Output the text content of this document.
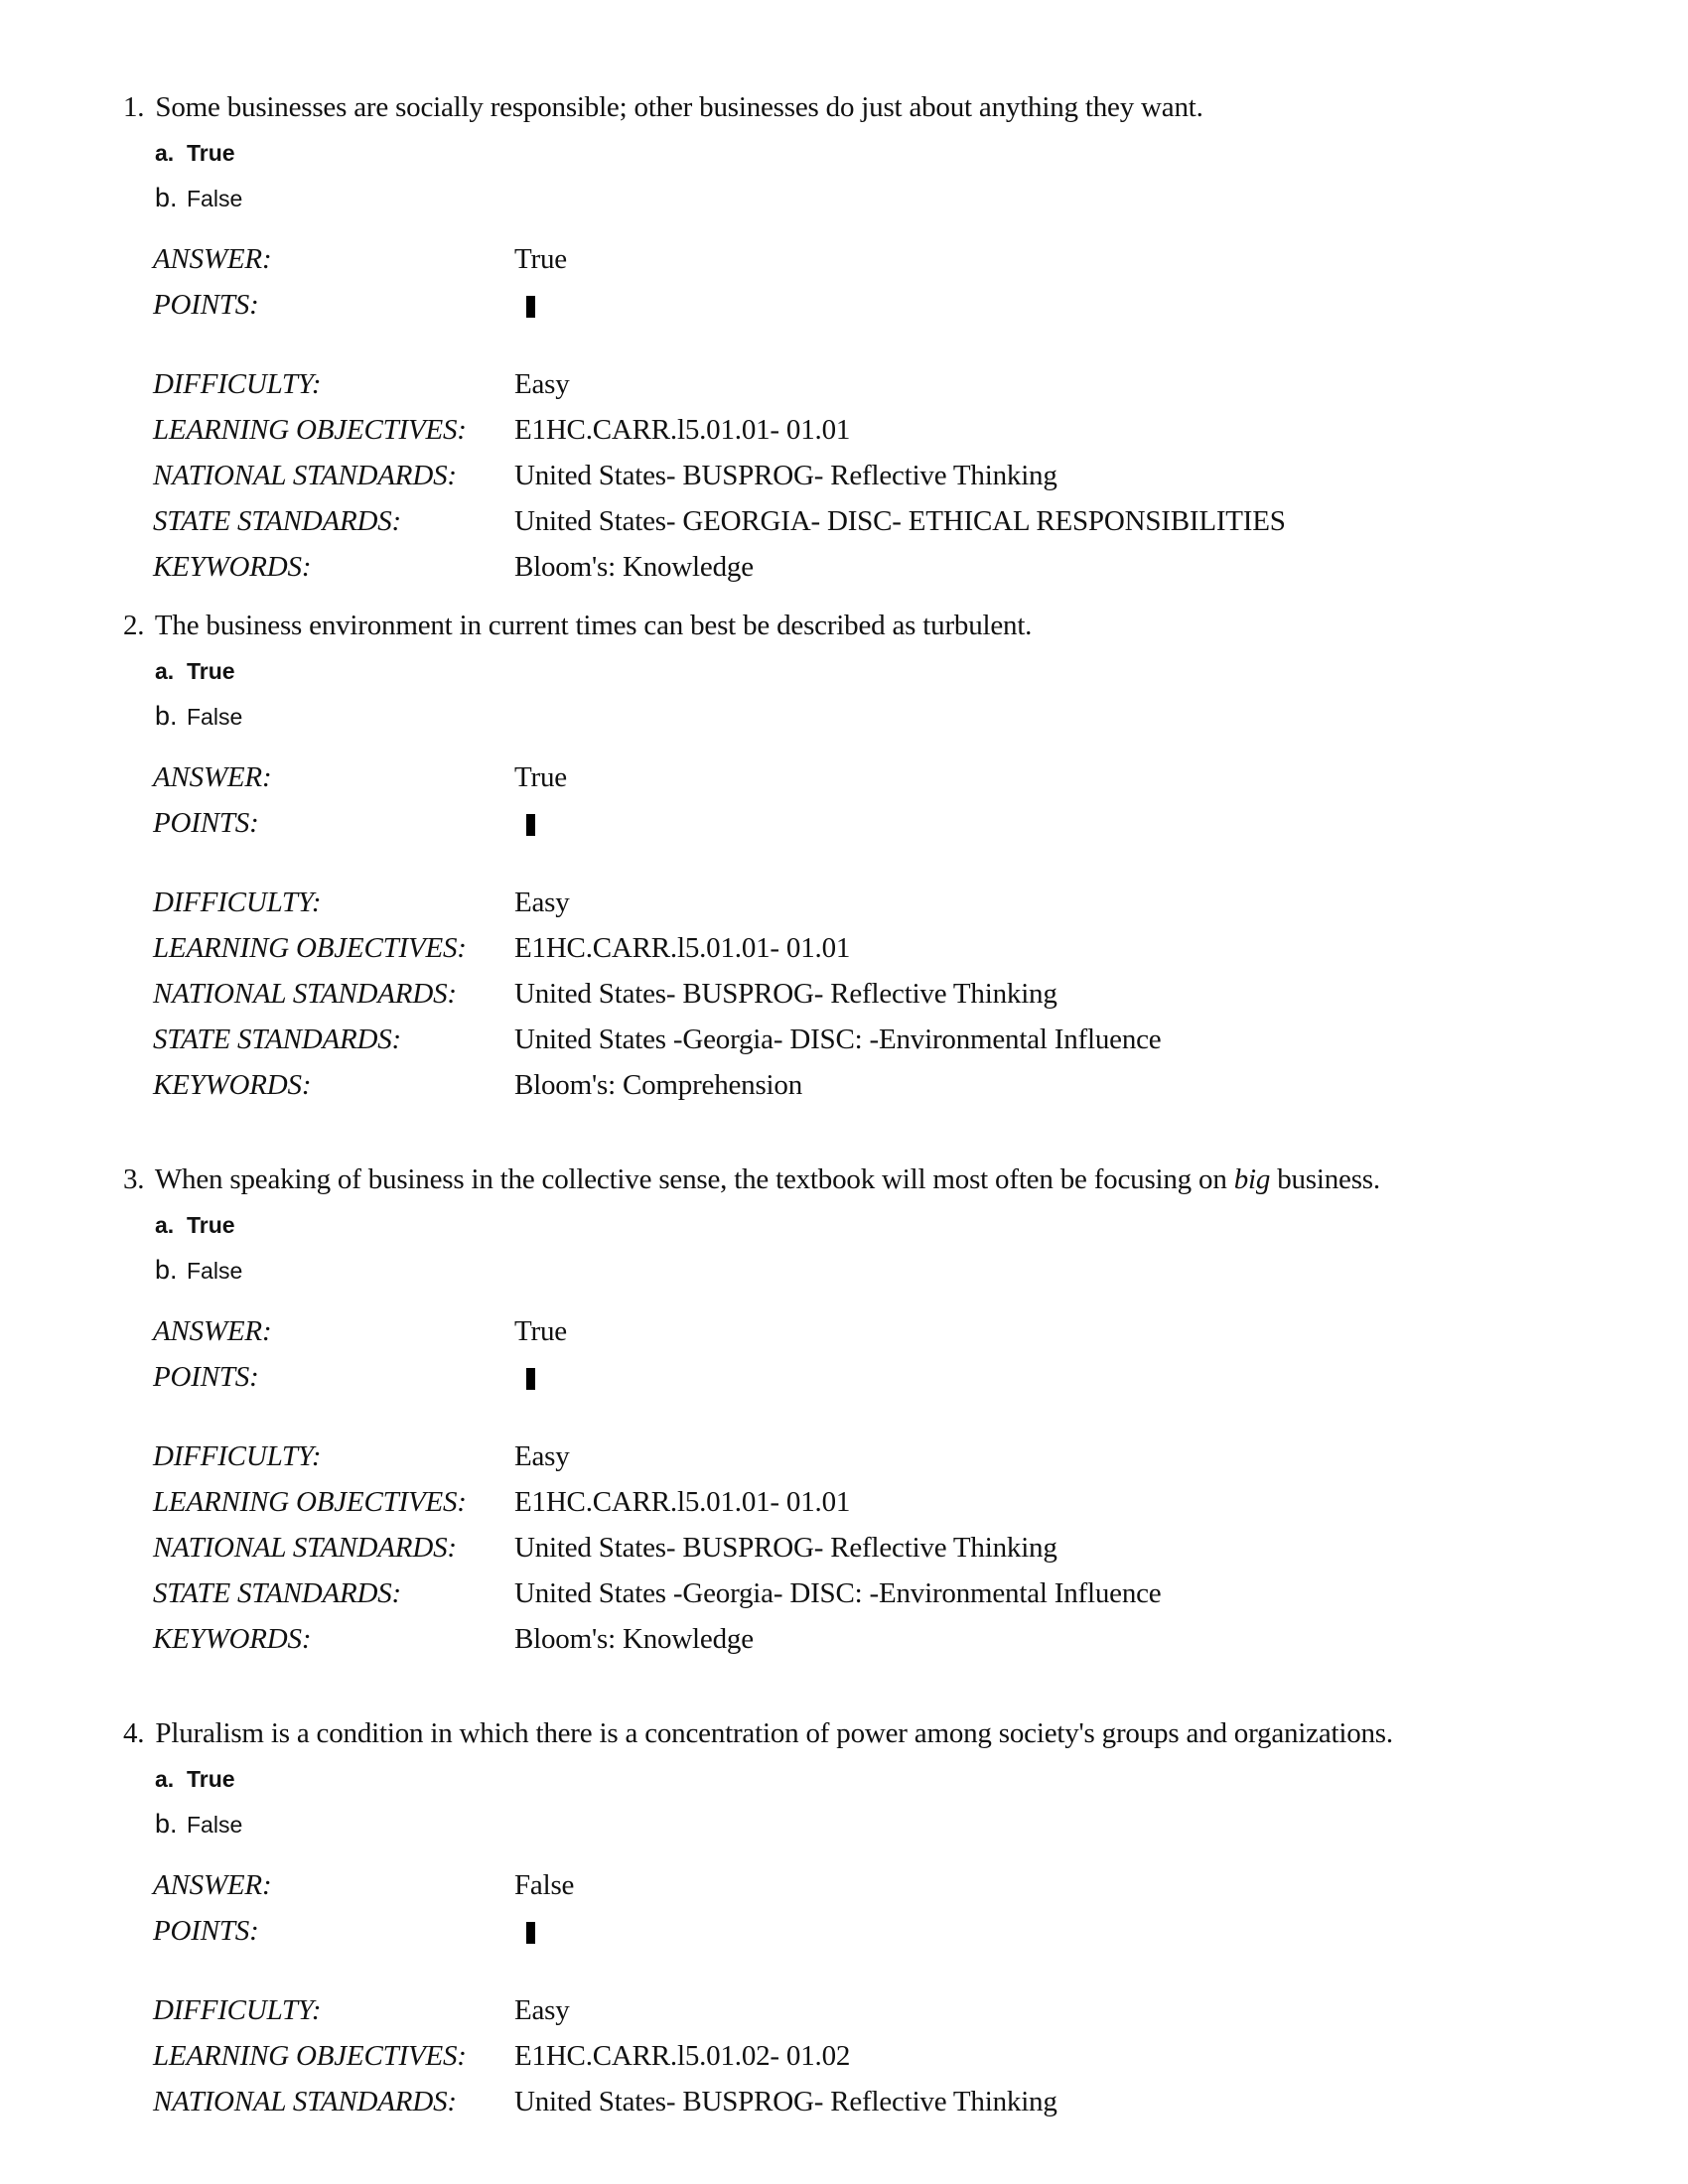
1. Some businesses are socially responsible; other businesses do just about anything they want.
a. True
b. False
ANSWER:	True
POINTS:
DIFFICULTY:	Easy
LEARNING OBJECTIVES: E1HC.CARR.l5.01.01- 01.01
NATIONAL STANDARDS: United States- BUSPROG- Reflective Thinking
STATE STANDARDS:	United States- GEORGIA- DISC- ETHICAL RESPONSIBILITIES
KEYWORDS:	Bloom's: Knowledge
2. The business environment in current times can best be described as turbulent.
a. True
b. False
ANSWER:	True
POINTS:
DIFFICULTY:	Easy
LEARNING OBJECTIVES: E1HC.CARR.l5.01.01- 01.01
NATIONAL STANDARDS: United States- BUSPROG- Reflective Thinking
STATE STANDARDS:	United States -Georgia- DISC: -Environmental Influence
KEYWORDS:	Bloom's: Comprehension
3. When speaking of business in the collective sense, the textbook will most often be focusing on big business.
a. True
b. False
ANSWER:	True
POINTS:
DIFFICULTY:	Easy
LEARNING OBJECTIVES: E1HC.CARR.l5.01.01- 01.01
NATIONAL STANDARDS: United States- BUSPROG- Reflective Thinking
STATE STANDARDS:	United States -Georgia- DISC: -Environmental Influence
KEYWORDS:	Bloom's: Knowledge
4. Pluralism is a condition in which there is a concentration of power among society's groups and organizations.
a. True
b. False
ANSWER:	False
POINTS:
DIFFICULTY:	Easy
LEARNING OBJECTIVES: E1HC.CARR.l5.01.02- 01.02
NATIONAL STANDARDS: United States- BUSPROG- Reflective Thinking
